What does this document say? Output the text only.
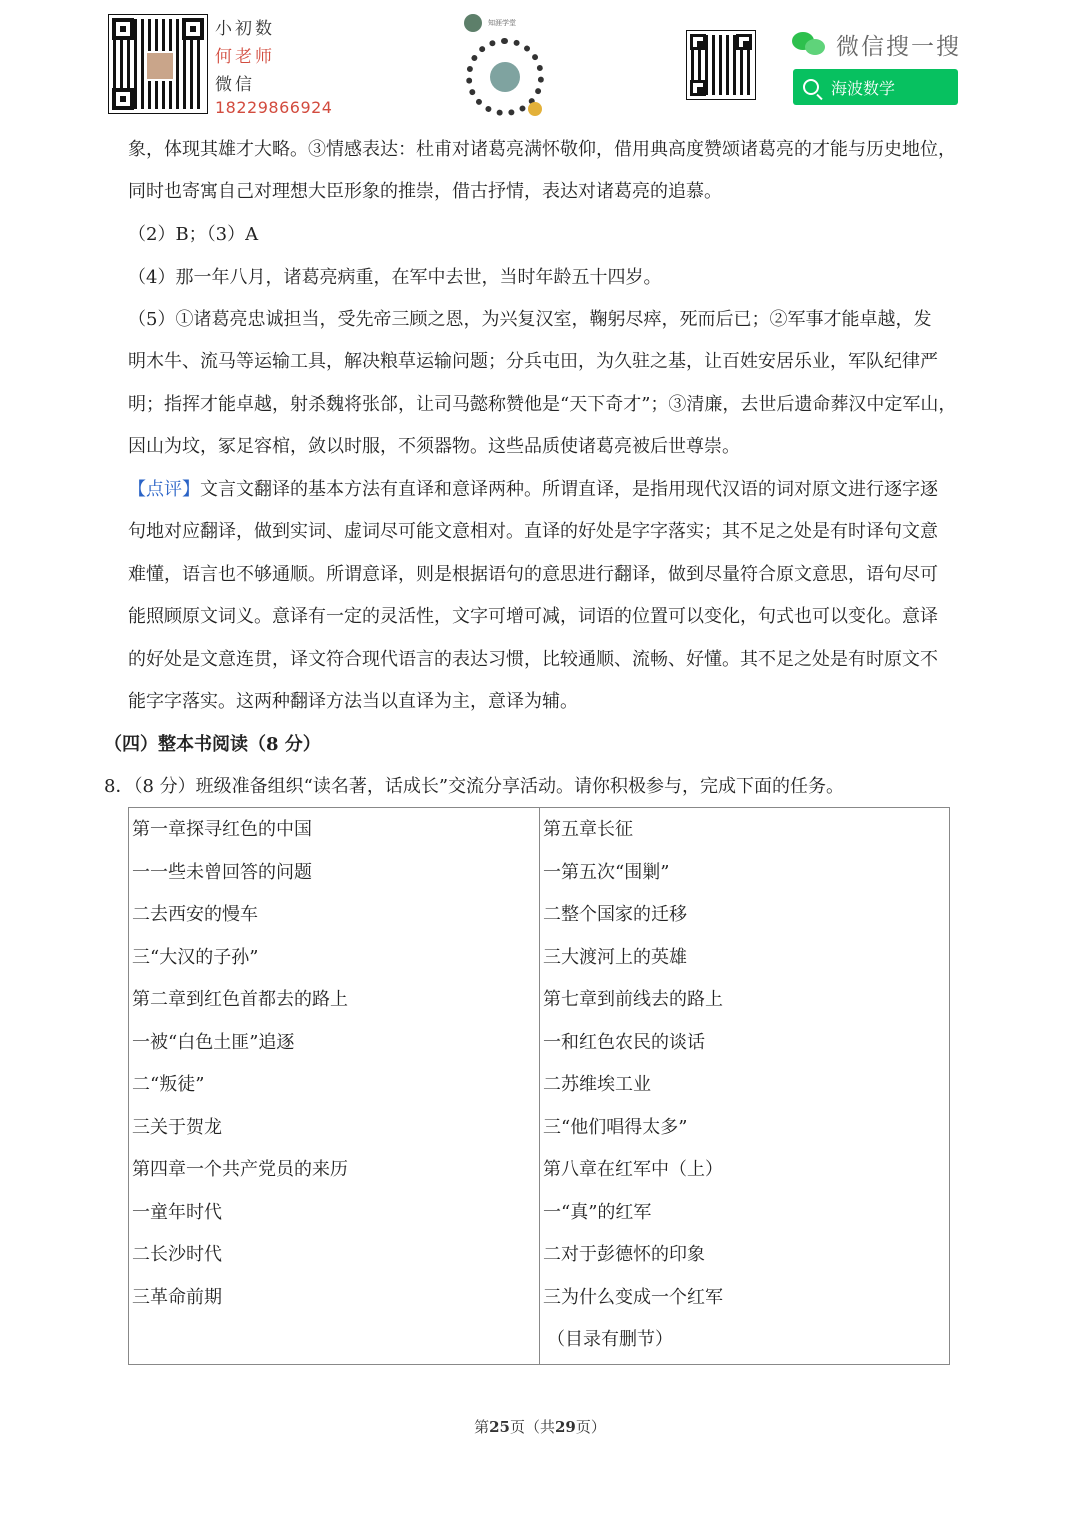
小初数
何老师
微信
18229866924
知涯学堂
微信搜一搜
海波数学
象，体现其雄才大略。③情感表达：杜甫对诸葛亮满怀敬仰，借用典高度赞颂诸葛亮的才能与历史地位，
同时也寄寓自己对理想大臣形象的推崇，借古抒情，表达对诸葛亮的追慕。
（2）B；（3）A
（4）那一年八月，诸葛亮病重，在军中去世，当时年龄五十四岁。
（5）①诸葛亮忠诚担当，受先帝三顾之恩，为兴复汉室，鞠躬尽瘁，死而后已；②军事才能卓越，发
明木牛、流马等运输工具，解决粮草运输问题；分兵屯田，为久驻之基，让百姓安居乐业，军队纪律严
明；指挥才能卓越，射杀魏将张郃，让司马懿称赞他是“天下奇才”；③清廉，去世后遗命葬汉中定军山，
因山为坟，冢足容棺，敛以时服，不须器物。这些品质使诸葛亮被后世尊崇。
【点评】文言文翻译的基本方法有直译和意译两种。所谓直译，是指用现代汉语的词对原文进行逐字逐
句地对应翻译，做到实词、虚词尽可能文意相对。直译的好处是字字落实；其不足之处是有时译句文意
难懂，语言也不够通顺。所谓意译，则是根据语句的意思进行翻译，做到尽量符合原文意思，语句尽可
能照顾原文词义。意译有一定的灵活性，文字可增可减，词语的位置可以变化，句式也可以变化。意译
的好处是文意连贯，译文符合现代语言的表达习惯，比较通顺、流畅、好懂。其不足之处是有时原文不
能字字落实。这两种翻译方法当以直译为主，意译为辅。
（四）整本书阅读（8 分）
8．（8 分）班级准备组织“读名著，话成长”交流分享活动。请你积极参与，完成下面的任务。
第一章探寻红色的中国
一一些未曾回答的问题
二去西安的慢车
三“大汉的子孙”
第二章到红色首都去的路上
一被“白色土匪”追逐
二“叛徒”
三关于贺龙
第四章一个共产党员的来历
一童年时代
二长沙时代
三革命前期
第五章长征
一第五次“围剿”
二整个国家的迁移
三大渡河上的英雄
第七章到前线去的路上
一和红色农民的谈话
二苏维埃工业
三“他们唱得太多”
第八章在红军中（上）
一“真”的红军
二对于彭德怀的印象
三为什么变成一个红军
（目录有删节）
第25页（共29页）
